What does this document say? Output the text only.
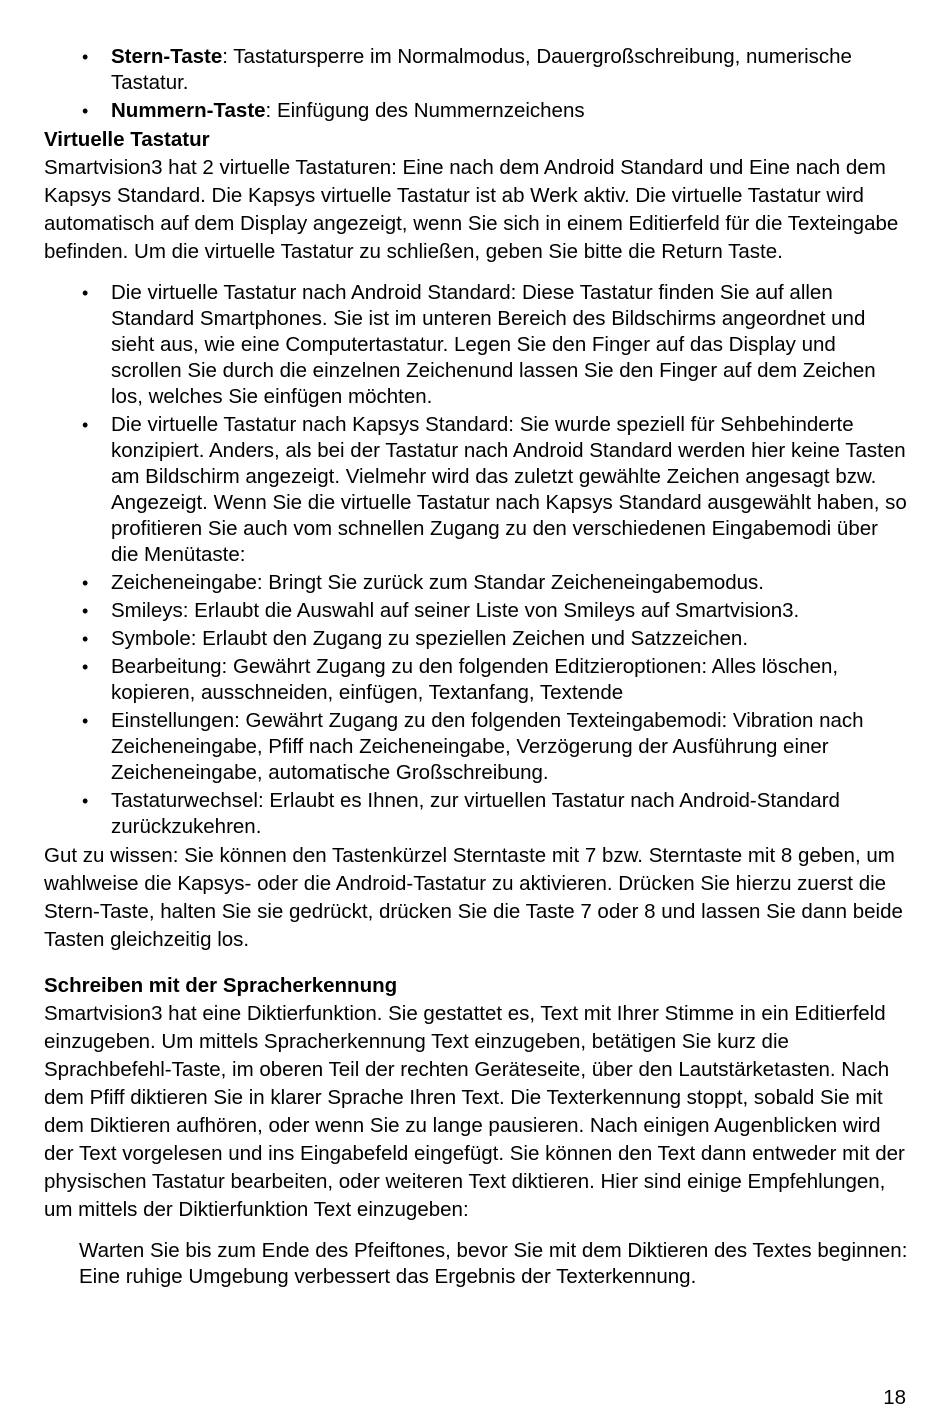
• Stern-Taste: Tastatursperre im Normalmodus, Dauergroßschreibung, numerische Tastatur.
• Nummern-Taste: Einfügung des Nummernzeichens

Virtuelle Tastatur

Smartvision3 hat 2 virtuelle Tastaturen: Eine nach dem Android Standard und Eine nach dem Kapsys Standard. Die Kapsys virtuelle Tastatur ist ab Werk aktiv. Die virtuelle Tastatur wird automatisch auf dem Display angezeigt, wenn Sie sich in einem Editierfeld für die Texteingabe befinden. Um die virtuelle Tastatur zu schließen, geben Sie bitte die Return Taste.

• Die virtuelle Tastatur nach Android Standard: Diese Tastatur finden Sie auf allen Standard Smartphones. Sie ist im unteren Bereich des Bildschirms angeordnet und sieht aus, wie eine Computertastatur. Legen Sie den Finger auf das Display und scrollen Sie durch die einzelnen Zeichenund lassen Sie den Finger auf dem Zeichen los, welches Sie einfügen möchten.
• Die virtuelle Tastatur nach Kapsys Standard: Sie wurde speziell für Sehbehinderte konzipiert. Anders, als bei der Tastatur nach Android Standard werden hier keine Tasten am Bildschirm angezeigt. Vielmehr wird das zuletzt gewählte Zeichen angesagt bzw. Angezeigt. Wenn Sie die virtuelle Tastatur nach Kapsys Standard ausgewählt haben, so profitieren Sie auch vom schnellen Zugang zu den verschiedenen Eingabemodi über die Menütaste:
• Zeicheneingabe: Bringt Sie zurück zum Standar Zeicheneingabemodus.
• Smileys: Erlaubt die Auswahl auf seiner Liste von Smileys auf Smartvision3.
• Symbole: Erlaubt den Zugang zu speziellen Zeichen und Satzzeichen.
• Bearbeitung: Gewährt Zugang zu den folgenden Editzieroptionen: Alles löschen, kopieren, ausschneiden, einfügen, Textanfang, Textende
• Einstellungen: Gewährt Zugang zu den folgenden Texteingabemodi: Vibration nach Zeicheneingabe, Pfiff nach Zeicheneingabe, Verzögerung der Ausführung einer Zeicheneingabe, automatische Großschreibung.
• Tastaturwechsel: Erlaubt es Ihnen, zur virtuellen Tastatur nach Android-Standard zurückzukehren.

Gut zu wissen: Sie können den Tastenkürzel Sterntaste mit 7 bzw. Sterntaste mit 8 geben, um wahlweise die Kapsys- oder die Android-Tastatur zu aktivieren. Drücken Sie hierzu zuerst die Stern-Taste, halten Sie sie gedrückt, drücken Sie die Taste 7 oder 8 und lassen Sie dann beide Tasten gleichzeitig los.

Schreiben mit der Spracherkennung

Smartvision3 hat eine Diktierfunktion. Sie gestattet es, Text mit Ihrer Stimme in ein Editierfeld einzugeben. Um mittels Spracherkennung Text einzugeben, betätigen Sie kurz die Sprachbefehl-Taste, im oberen Teil der rechten Geräteseite, über den Lautstärketasten. Nach dem Pfiff diktieren Sie in klarer Sprache Ihren Text. Die Texterkennung stoppt, sobald Sie mit dem Diktieren aufhören, oder wenn Sie zu lange pausieren. Nach einigen Augenblicken wird der Text vorgelesen und ins Eingabefeld eingefügt. Sie können den Text dann entweder mit der physischen Tastatur bearbeiten, oder weiteren Text diktieren. Hier sind einige Empfehlungen, um mittels der Diktierfunktion Text einzugeben:

Warten Sie bis zum Ende des Pfeiftones, bevor Sie mit dem Diktieren des Textes beginnen:

Eine ruhige Umgebung verbessert das Ergebnis der Texterkennung.

18
